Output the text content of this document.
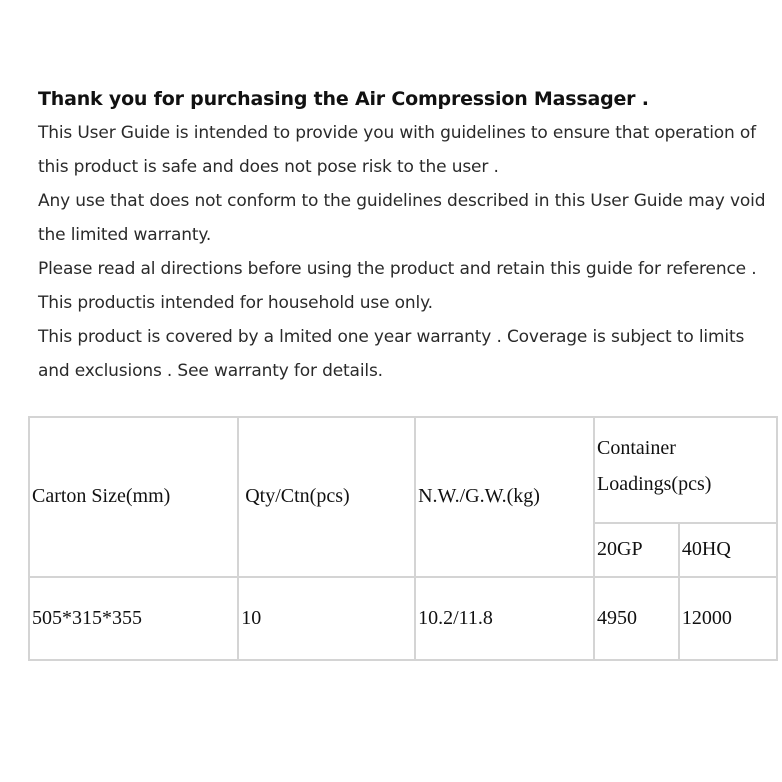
Thank you for purchasing the Air Compression Massager .
This User Guide is intended to provide you with guidelines to ensure that operation of this product is safe and does not pose risk to the user .
Any use that does not conform to the guidelines described in this User Guide may void the limited warranty.
Please read al directions before using the product and retain this guide for reference .
This productis intended for household use only.
This product is covered by a lmited one year warranty . Coverage is subject to limits and exclusions . See warranty for details.
Carton Size(mm)	Qty/Ctn(pcs)	N.W./G.W.(kg)	Container
Loadings(pcs)	

			20GP	40HQ
505*315*355	10	10.2/11.8	4950	12000
